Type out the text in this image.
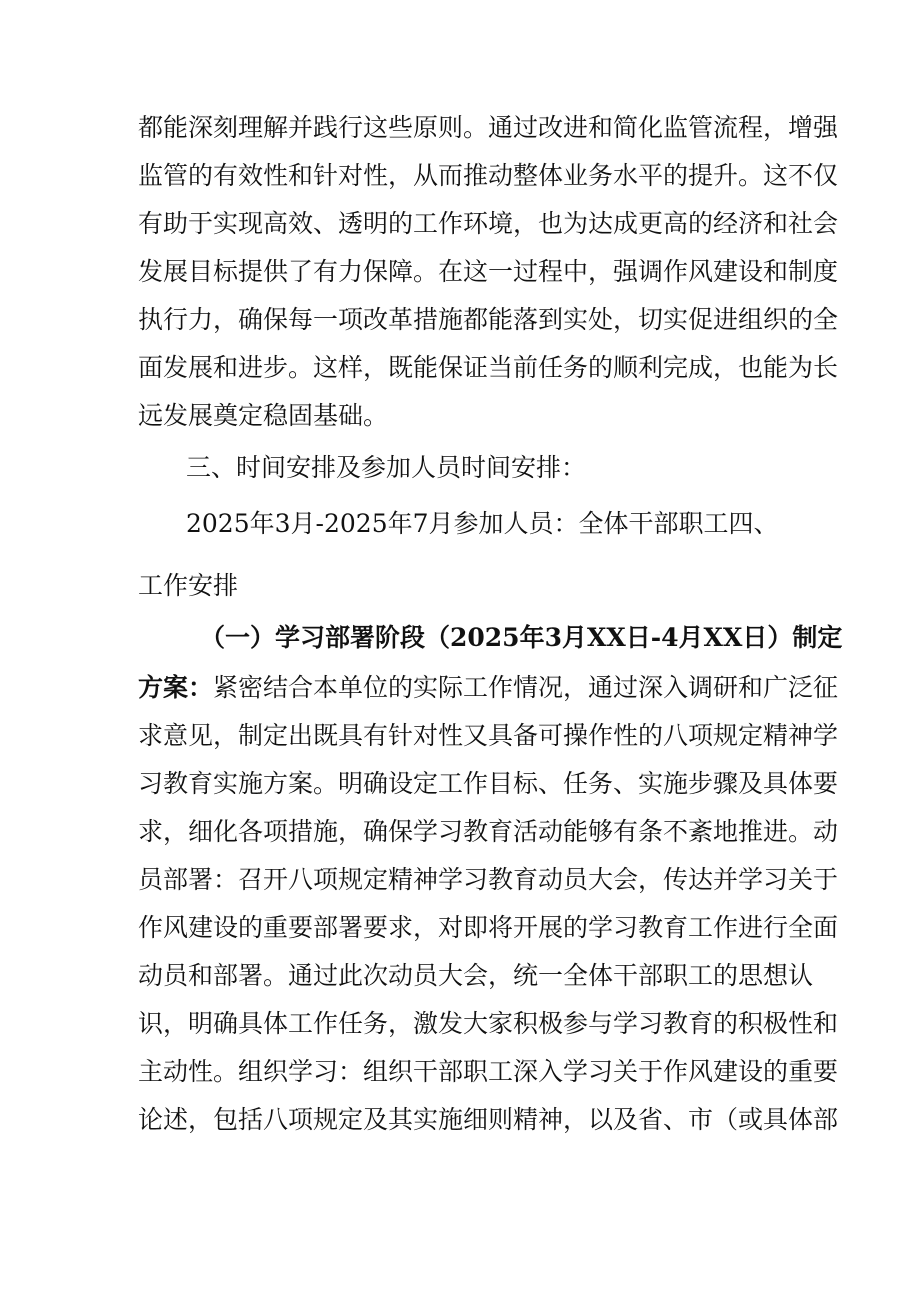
都能深刻理解并践行这些原则。通过改进和简化监管流程，增强

监管的有效性和针对性，从而推动整体业务水平的提升。这不仅

有助于实现高效、透明的工作环境，也为达成更高的经济和社会

发展目标提供了有力保障。在这一过程中，强调作风建设和制度

执行力，确保每一项改革措施都能落到实处，切实促进组织的全

面发展和进步。这样，既能保证当前任务的顺利完成，也能为长

远发展奠定稳固基础。

三、时间安排及参加人员时间安排：

2025年3月-2025年7月参加人员：全体干部职工四、

工作安排

（一）学习部署阶段（2025年3月XX日-4月XX日）制定

方案：紧密结合本单位的实际工作情况，通过深入调研和广泛征

求意见，制定出既具有针对性又具备可操作性的八项规定精神学

习教育实施方案。明确设定工作目标、任务、实施步骤及具体要

求，细化各项措施，确保学习教育活动能够有条不紊地推进。动

员部署：召开八项规定精神学习教育动员大会，传达并学习关于

作风建设的重要部署要求，对即将开展的学习教育工作进行全面

动员和部署。通过此次动员大会，统一全体干部职工的思想认

识，明确具体工作任务，激发大家积极参与学习教育的积极性和

主动性。组织学习：组织干部职工深入学习关于作风建设的重要

论述，包括八项规定及其实施细则精神，以及省、市（或具体部
